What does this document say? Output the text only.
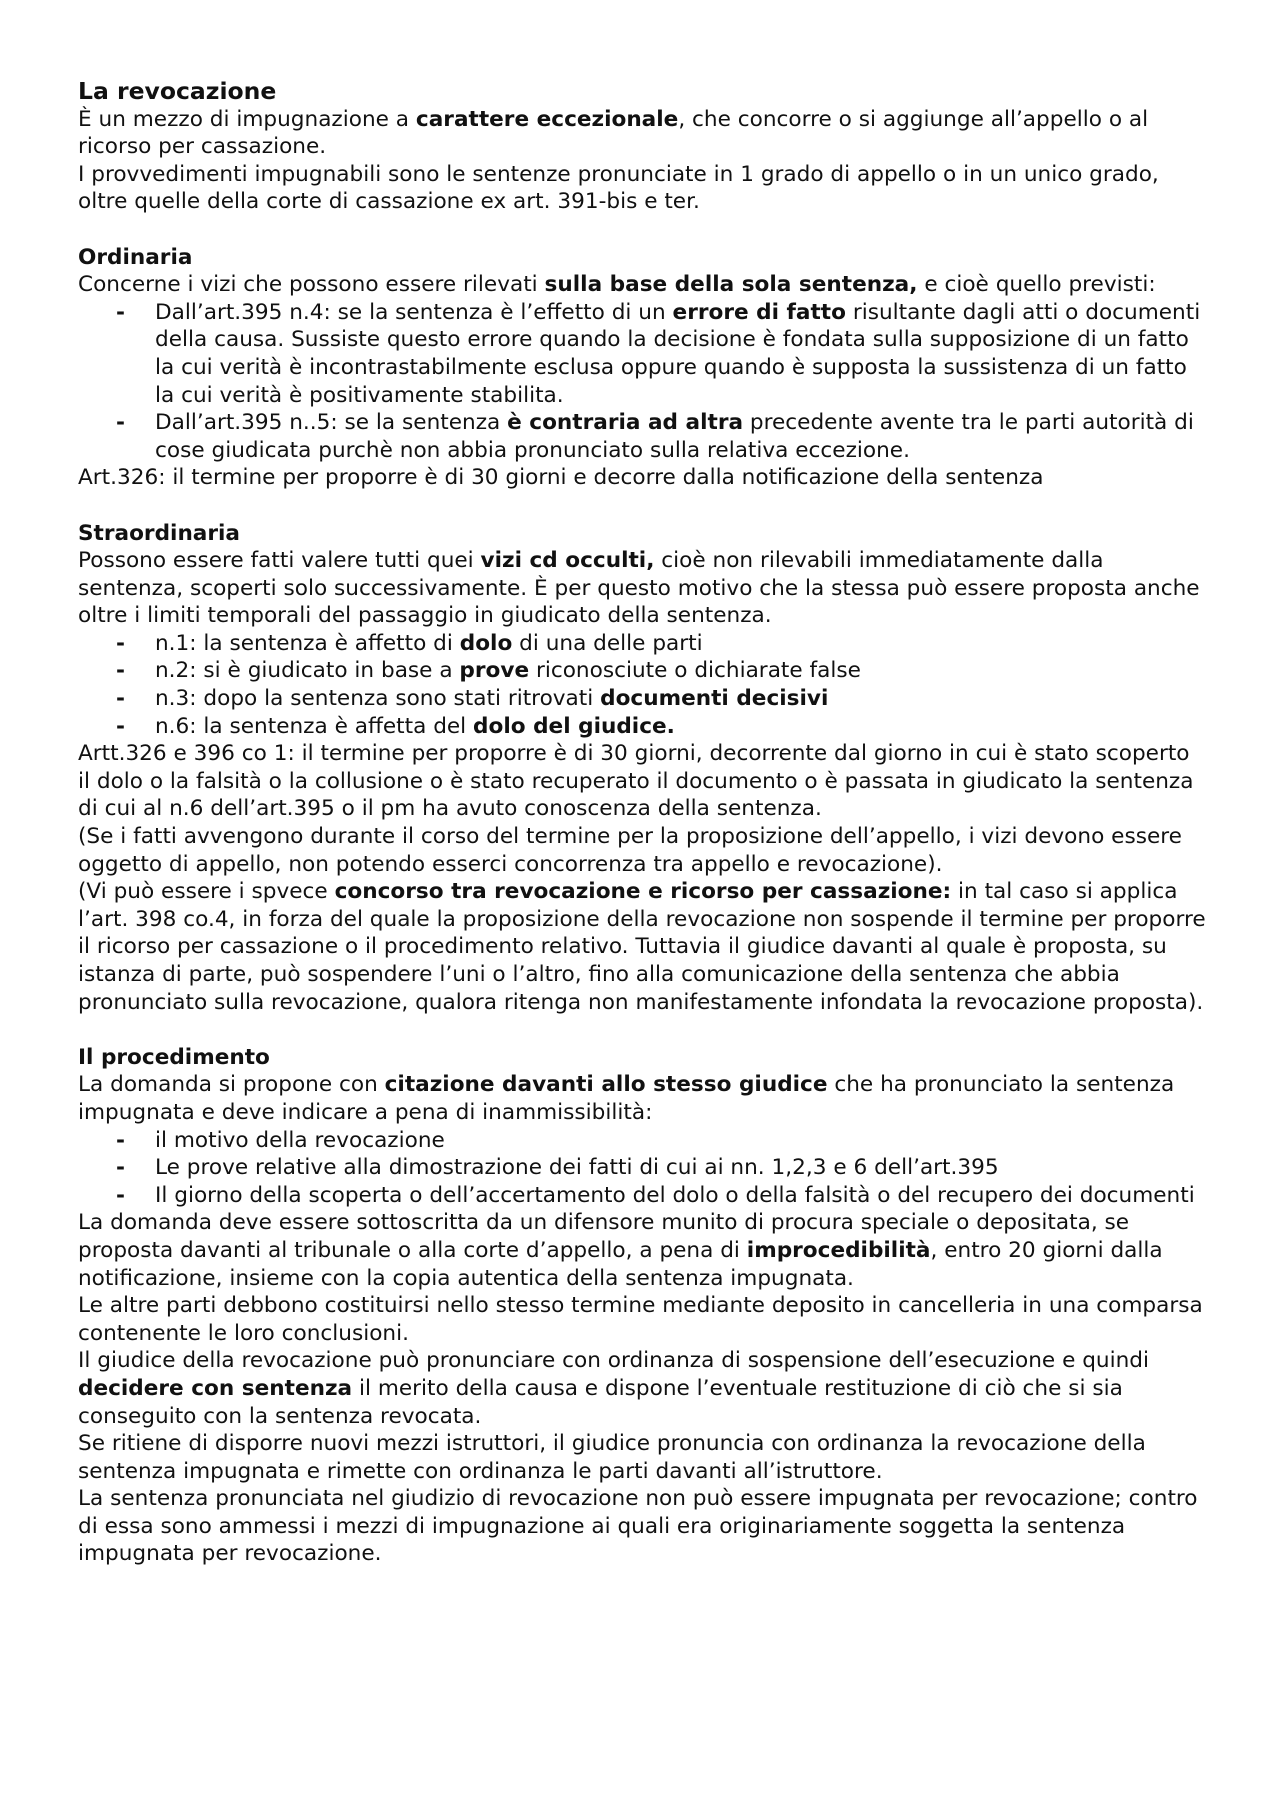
La revocazione

È un mezzo di impugnazione a carattere eccezionale, che concorre o si aggiunge all’appello o al ricorso per cassazione.

I provvedimenti impugnabili sono le sentenze pronunciate in 1 grado di appello o in un unico grado, oltre quelle della corte di cassazione ex art. 391-bis e ter.

Ordinaria

Concerne i vizi che possono essere rilevati sulla base della sola sentenza, e cioè quello previsti:

- Dall’art.395 n.4: se la sentenza è l’effetto di un errore di fatto risultante dagli atti o documenti della causa. Sussiste questo errore quando la decisione è fondata sulla supposizione di un fatto la cui verità è incontrastabilmente esclusa oppure quando è supposta la sussistenza di un fatto la cui verità è positivamente stabilita.
- Dall’art.395 n..5: se la sentenza è contraria ad altra precedente avente tra le parti autorità di cose giudicata purchè non abbia pronunciato sulla relativa eccezione.

Art.326: il termine per proporre è di 30 giorni e decorre dalla notificazione della sentenza

Straordinaria

Possono essere fatti valere tutti quei vizi cd occulti, cioè non rilevabili immediatamente dalla sentenza, scoperti solo successivamente. È per questo motivo che la stessa può essere proposta anche oltre i limiti temporali del passaggio in giudicato della sentenza.

- n.1: la sentenza è affetto di dolo di una delle parti
- n.2: si è giudicato in base a prove riconosciute o dichiarate false
- n.3: dopo la sentenza sono stati ritrovati documenti decisivi
- n.6: la sentenza è affetta del dolo del giudice.

Artt.326 e 396 co 1: il termine per proporre è di 30 giorni, decorrente dal giorno in cui è stato scoperto il dolo o la falsità o la collusione o è stato recuperato il documento o è passata in giudicato la sentenza di cui al n.6 dell’art.395 o il pm ha avuto conoscenza della sentenza.

(Se i fatti avvengono durante il corso del termine per la proposizione dell’appello, i vizi devono essere oggetto di appello, non potendo esserci concorrenza tra appello e revocazione).

(Vi può essere i spvece concorso tra revocazione e ricorso per cassazione: in tal caso si applica l’art. 398 co.4, in forza del quale la proposizione della revocazione non sospende il termine per proporre il ricorso per cassazione o il procedimento relativo. Tuttavia il giudice davanti al quale è proposta, su istanza di parte, può sospendere l’uni o l’altro, fino alla comunicazione della sentenza che abbia pronunciato sulla revocazione, qualora ritenga non manifestamente infondata la revocazione proposta).

Il procedimento

La domanda si propone con citazione davanti allo stesso giudice che ha pronunciato la sentenza impugnata e deve indicare a pena di inammissibilità:

- il motivo della revocazione
- Le prove relative alla dimostrazione dei fatti di cui ai nn. 1,2,3 e 6 dell’art.395
- Il giorno della scoperta o dell’accertamento del dolo o della falsità o del recupero dei documenti

La domanda deve essere sottoscritta da un difensore munito di procura speciale o depositata, se proposta davanti al tribunale o alla corte d’appello, a pena di improcedibilità, entro 20 giorni dalla notificazione, insieme con la copia autentica della sentenza impugnata.

Le altre parti debbono costituirsi nello stesso termine mediante deposito in cancelleria in una comparsa contenente le loro conclusioni.

Il giudice della revocazione può pronunciare con ordinanza di sospensione dell’esecuzione e quindi decidere con sentenza il merito della causa e dispone l’eventuale restituzione di ciò che si sia conseguito con la sentenza revocata.

Se ritiene di disporre nuovi mezzi istruttori, il giudice pronuncia con ordinanza la revocazione della sentenza impugnata e rimette con ordinanza le parti davanti all’istruttore.

La sentenza pronunciata nel giudizio di revocazione non può essere impugnata per revocazione; contro di essa sono ammessi i mezzi di impugnazione ai quali era originariamente soggetta la sentenza impugnata per revocazione.
